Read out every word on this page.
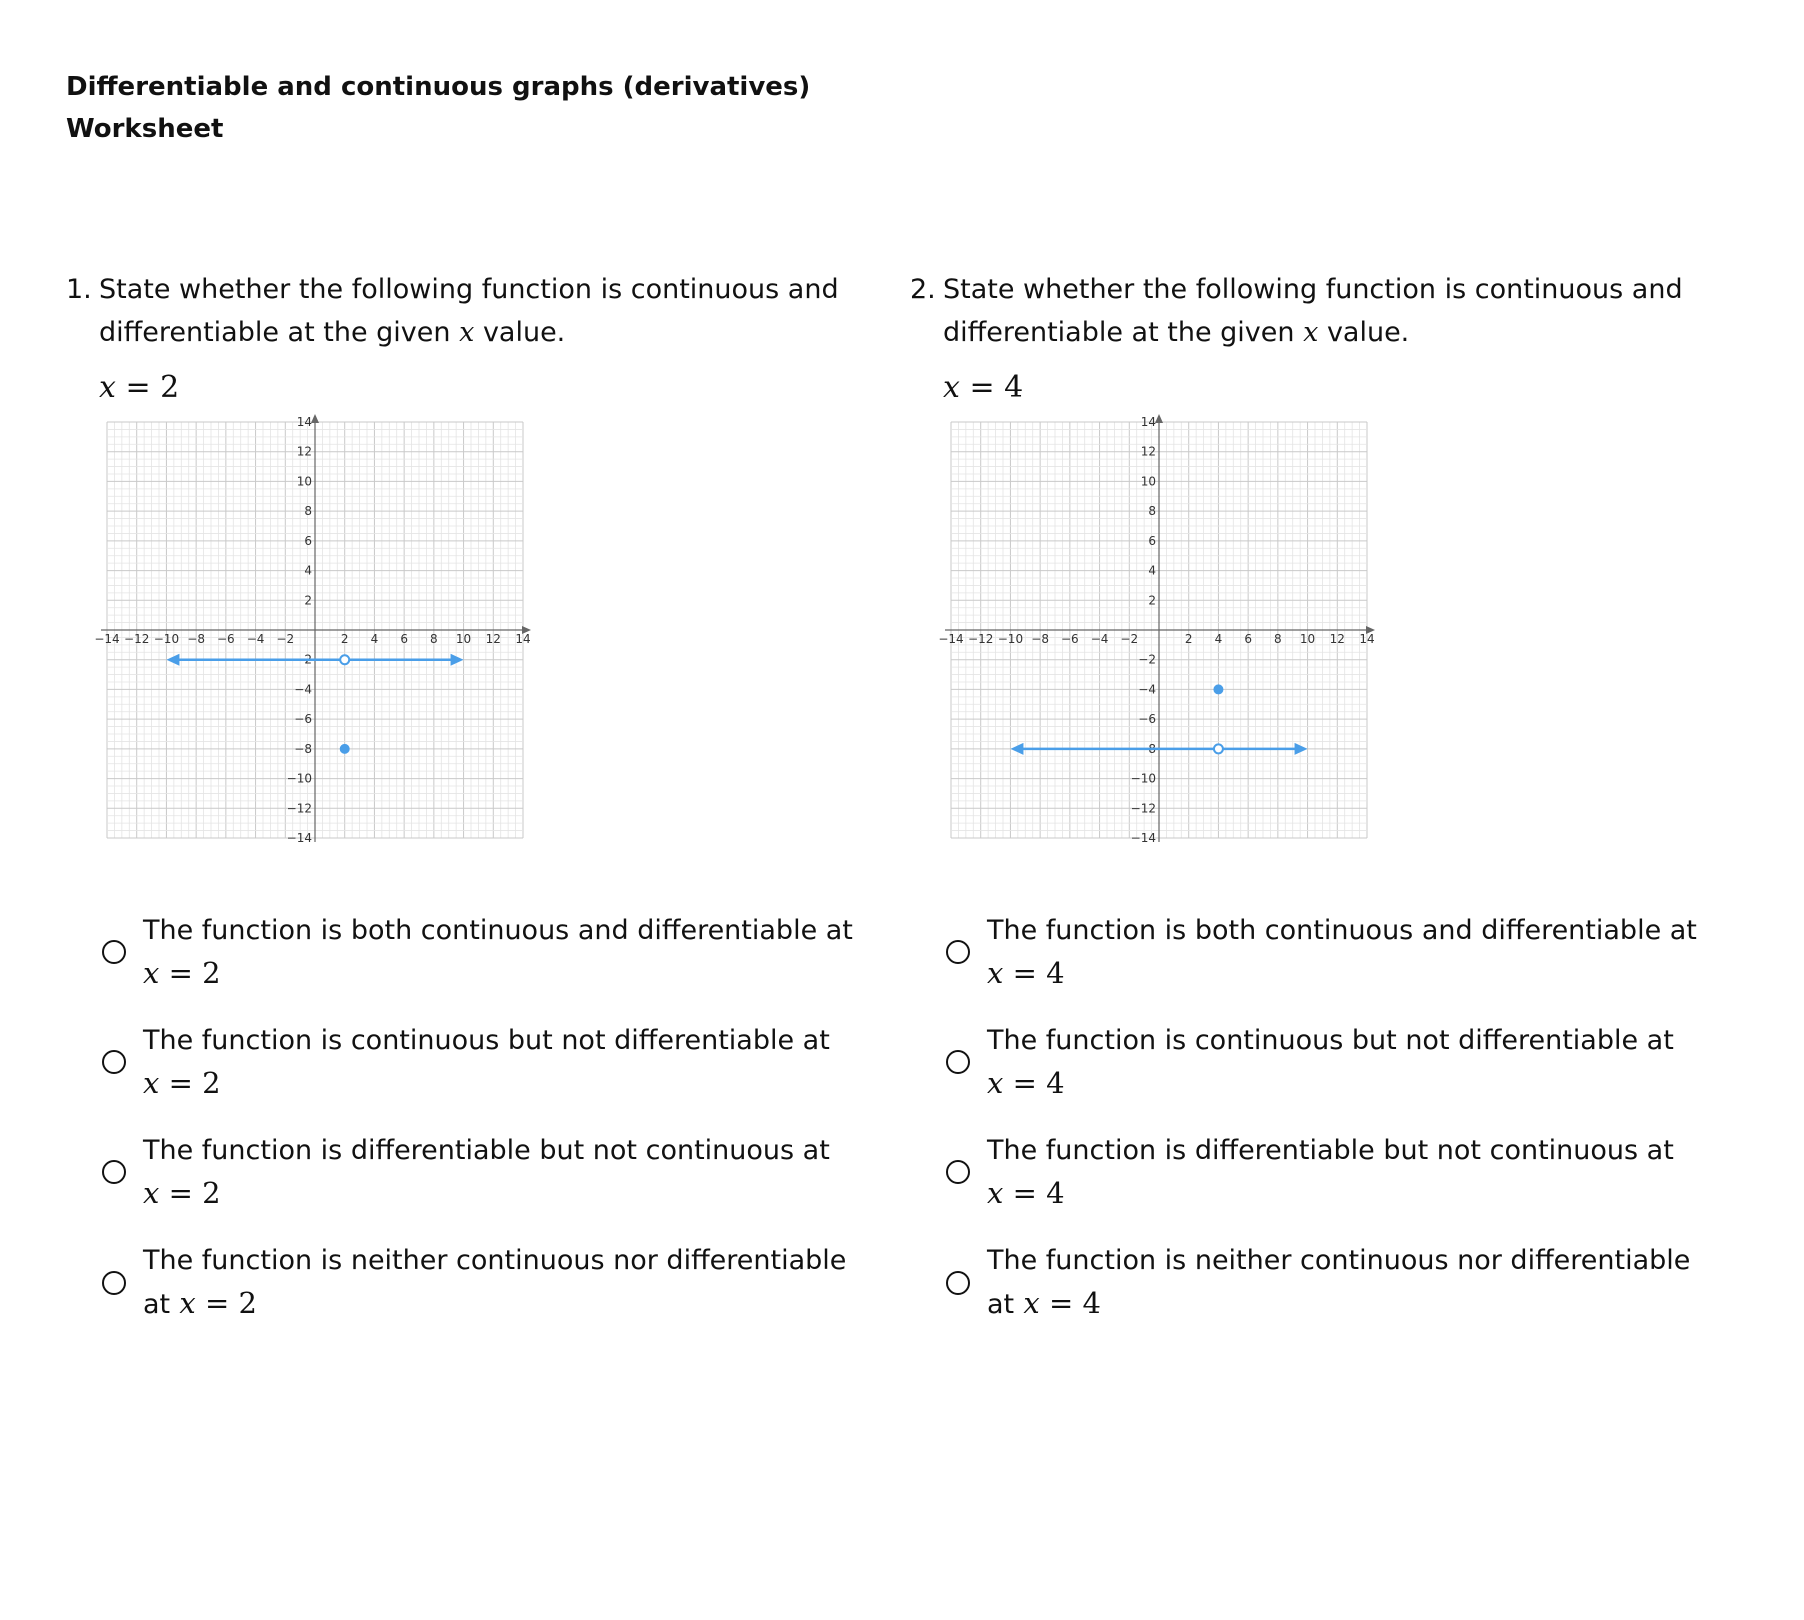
Differentiable and continuous graphs (derivatives)
Worksheet
1. State whether the following function is continuous and differentiable at the given x value.
x = 2
−14 −12 −10 −8 −6 −4 −2	2 4 6 8 10 12 14
14
12
10
8
6
4
2
−2
−4
−6
−8
−10
−12
−14
The function is both continuous and differentiable at
x = 2
The function is continuous but not differentiable at
x = 2
The function is differentiable but not continuous at
x = 2
The function is neither continuous nor differentiable
at x = 2
2. State whether the following function is continuous and differentiable at the given x value.
x = 4
−14 −12 −10 −8 −6 −4 −2	2 4 6 8 10 12 14
14
12
10
8
6
4
2
−2
−4
−6
−8
−10
−12
−14
The function is both continuous and differentiable at
x = 4
The function is continuous but not differentiable at
x = 4
The function is differentiable but not continuous at
x = 4
The function is neither continuous nor differentiable
at x = 4
